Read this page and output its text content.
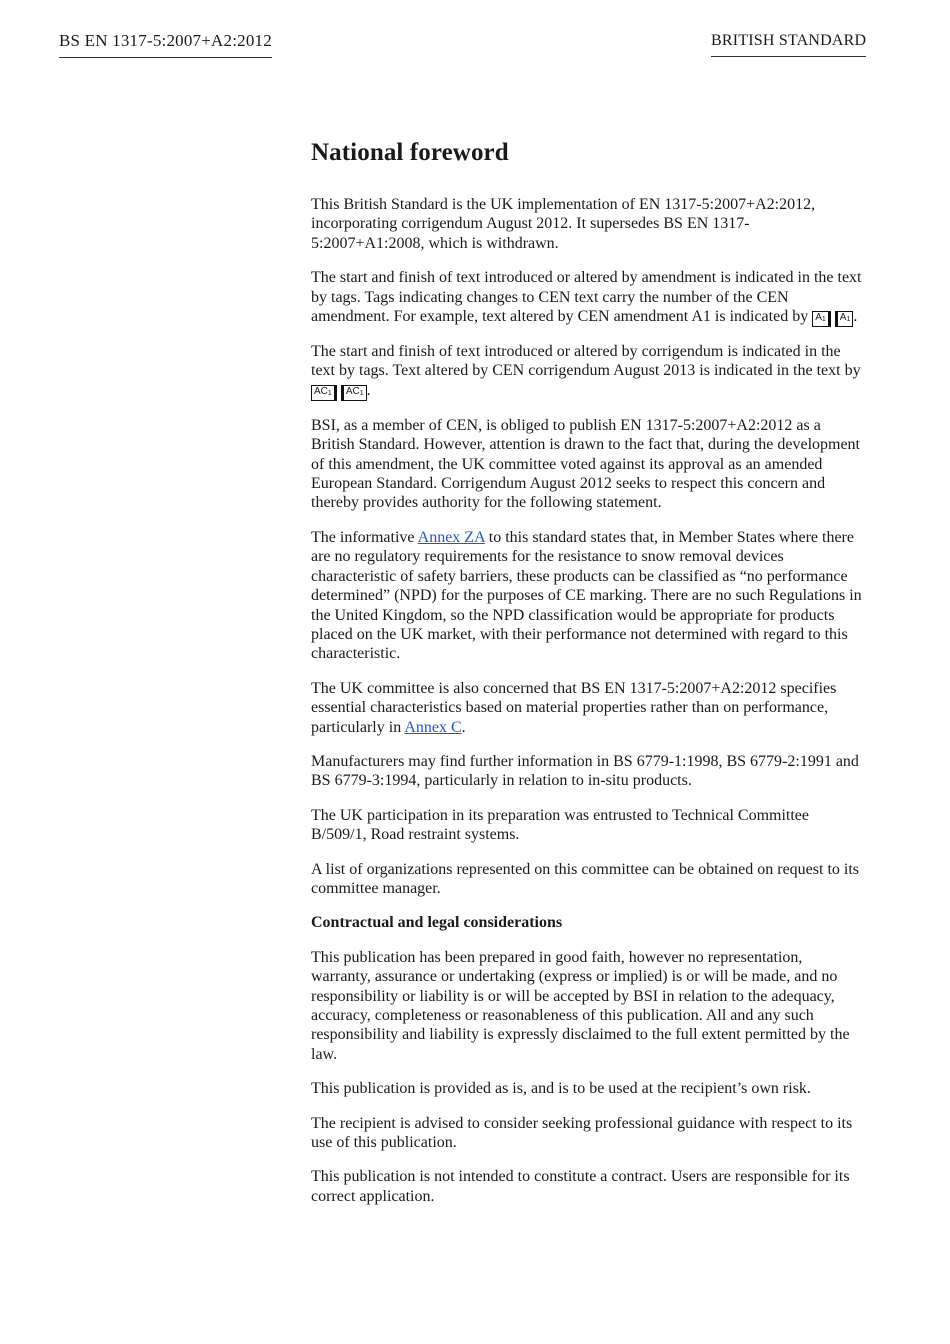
BS EN 1317-5:2007+A2:2012	BRITISH STANDARD
National foreword

This British Standard is the UK implementation of EN 1317-5:2007+A2:2012, incorporating corrigendum August 2012. It supersedes BS EN 1317-5:2007+A1:2008, which is withdrawn.

The start and finish of text introduced or altered by amendment is indicated in the text by tags. Tags indicating changes to CEN text carry the number of the CEN amendment. For example, text altered by CEN amendment A1 is indicated by $A_1$ $A_1$ .

The start and finish of text introduced or altered by corrigendum is indicated in the text by tags. Text altered by CEN corrigendum August 2013 is indicated in the text by $AC_1$ $AC_1$ .

BSI, as a member of CEN, is obliged to publish EN 1317-5:2007+A2:2012 as a British Standard. However, attention is drawn to the fact that, during the development of this amendment, the UK committee voted against its approval as an amended European Standard. Corrigendum August 2012 seeks to respect this concern and thereby provides authority for the following statement.

The informative Annex ZA to this standard states that, in Member States where there are no regulatory requirements for the resistance to snow removal devices characteristic of safety barriers, these products can be classified as “no performance determined” (NPD) for the purposes of CE marking. There are no such Regulations in the United Kingdom, so the NPD classification would be appropriate for products placed on the UK market, with their performance not determined with regard to this characteristic.

The UK committee is also concerned that BS EN 1317-5:2007+A2:2012 specifies essential characteristics based on material properties rather than on performance, particularly in Annex C.

Manufacturers may find further information in BS 6779-1:1998, BS 6779-2:1991 and BS 6779-3:1994, particularly in relation to in-situ products.

The UK participation in its preparation was entrusted to Technical Committee B/509/1, Road restraint systems.

A list of organizations represented on this committee can be obtained on request to its committee manager.

Contractual and legal considerations

This publication has been prepared in good faith, however no representation, warranty, assurance or undertaking (express or implied) is or will be made, and no responsibility or liability is or will be accepted by BSI in relation to the adequacy, accuracy, completeness or reasonableness of this publication. All and any such responsibility and liability is expressly disclaimed to the full extent permitted by the law.

This publication is provided as is, and is to be used at the recipient’s own risk.

The recipient is advised to consider seeking professional guidance with respect to its use of this publication.

This publication is not intended to constitute a contract. Users are responsible for its correct application.
